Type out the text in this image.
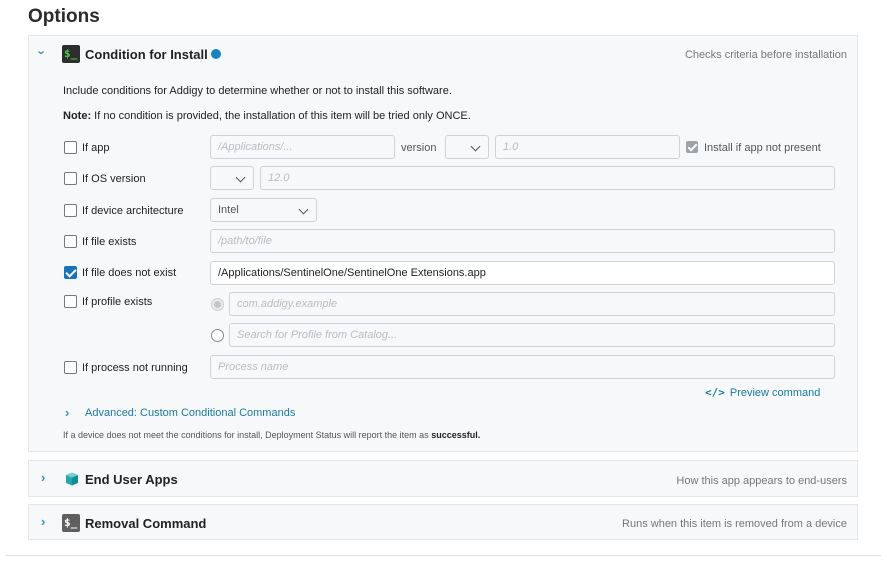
Options
› $_ Condition for Install	Checks criteria before installation
Include conditions for Addigy to determine whether or not to install this software.
Note: If no condition is provided, the installation of this item will be tried only ONCE.
If app	/Applications/...	version	1.0	Install if app not present
If OS version	12.0
If device architecture	Intel
If file exists	/path/to/file
If file does not exist	/Applications/SentinelOne/SentinelOne Extensions.app
If profile exists	com.addigy.example
Search for Profile from Catalog...
If process not running	Process name
</> Preview command
› Advanced: Custom Conditional Commands
If a device does not meet the conditions for install, Deployment Status will report the item as successful.
›	End User Apps	How this app appears to end-users
› $_ Removal Command	Runs when this item is removed from a device
